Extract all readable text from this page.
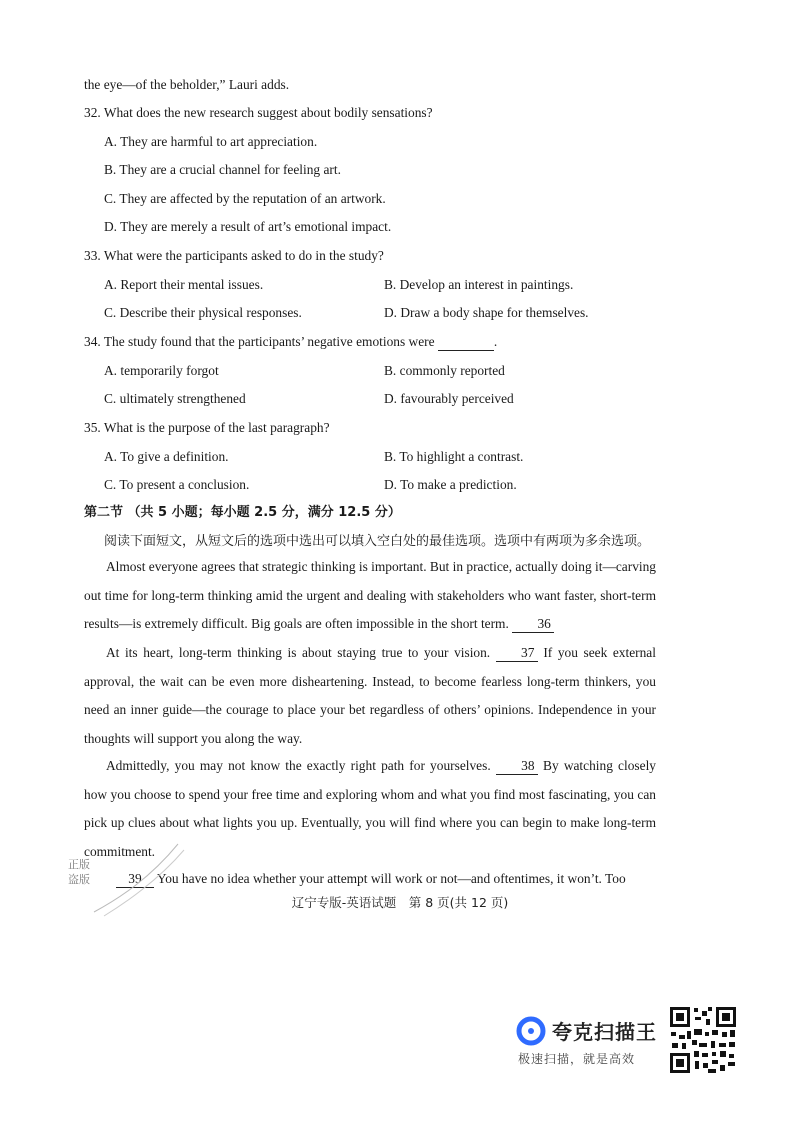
the eye—of the beholder,” Lauri adds.
32. What does the new research suggest about bodily sensations?
A. They are harmful to art appreciation.
B. They are a crucial channel for feeling art.
C. They are affected by the reputation of an artwork.
D. They are merely a result of art’s emotional impact.
33. What were the participants asked to do in the study?
A. Report their mental issues.	B. Develop an interest in paintings.
C. Describe their physical responses.	D. Draw a body shape for themselves.
34. The study found that the participants’ negative emotions were	.
A. temporarily forgot	B. commonly reported
C. ultimately strengthened	D. favourably perceived
35. What is the purpose of the last paragraph?
A. To give a definition.	B. To highlight a contrast.
C. To present a conclusion.	D. To make a prediction.
第二节 （共 5 小题；每小题 2.5 分，满分 12.5 分）
阅读下面短文，从短文后的选项中选出可以填入空白处的最佳选项。选项中有两项为多余选项。
Almost everyone agrees that strategic thinking is important. But in practice, actually doing it—carving out time for long-term thinking amid the urgent and dealing with stakeholders who want faster, short-term results—is extremely difficult. Big goals are often impossible in the short term. 36
At its heart, long-term thinking is about staying true to your vision. 37 If you seek external approval, the wait can be even more disheartening. Instead, to become fearless long-term thinkers, you need an inner guide—the courage to place your bet regardless of others’ opinions. Independence in your thoughts will support you along the way.
Admittedly, you may not know the exactly right path for yourselves. 38 By watching closely how you choose to spend your free time and exploring whom and what you find most fascinating, you can pick up clues about what lights you up. Eventually, you will find where you can begin to make long-term commitment.
39 You have no idea whether your attempt will work or not—and oftentimes, it won’t. Too
正版
盗版
辽宁专版-英语试题　第 8 页(共 12 页)
夸克扫描王
极速扫描，就是高效
